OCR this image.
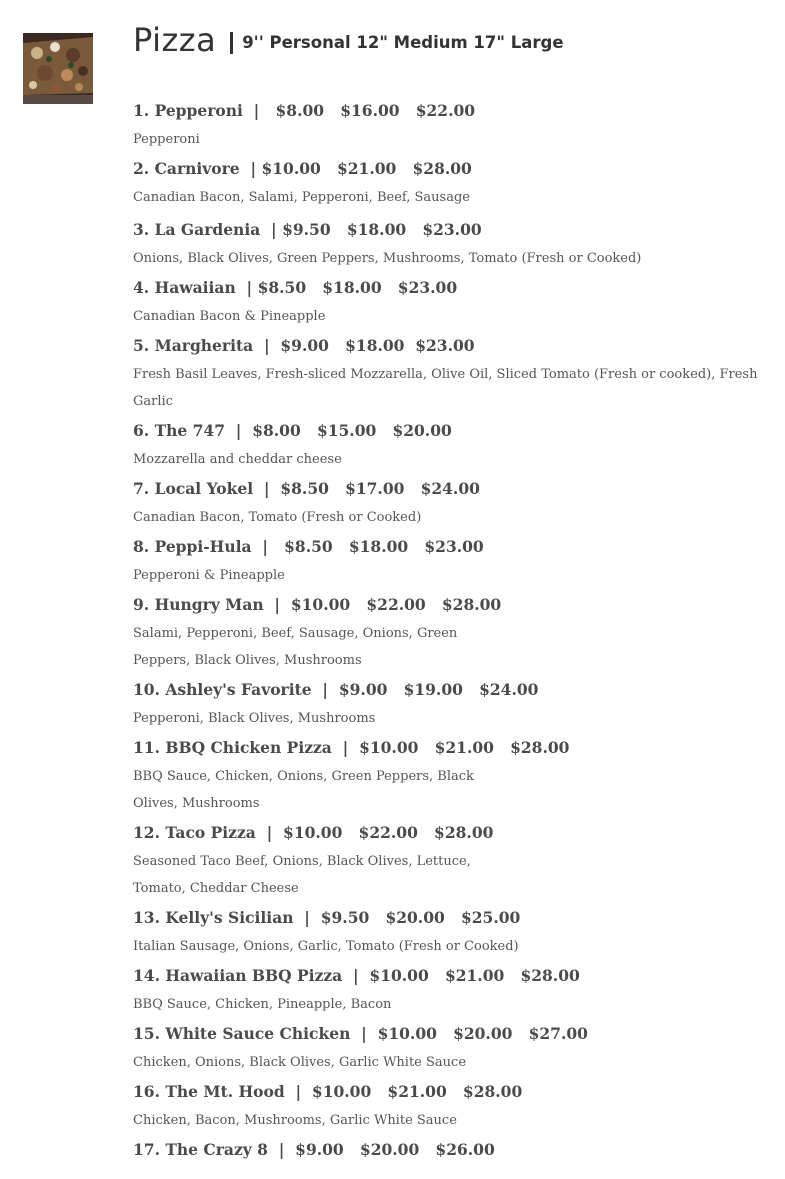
Pizza	9'' Personal 12" Medium 17" Large
1. Pepperoni  |   $8.00   $16.00   $22.00
Pepperoni
2. Carnivore  | $10.00   $21.00   $28.00
Canadian Bacon, Salami, Pepperoni, Beef, Sausage
3. La Gardenia  | $9.50   $18.00   $23.00
Onions, Black Olives, Green Peppers, Mushrooms, Tomato (Fresh or Cooked)
4. Hawaiian  | $8.50   $18.00   $23.00
Canadian Bacon & Pineapple
5. Margherita  |  $9.00   $18.00  $23.00
Fresh Basil Leaves, Fresh-sliced Mozzarella, Olive Oil, Sliced Tomato (Fresh or cooked), Fresh Garlic
6. The 747  |  $8.00   $15.00   $20.00
Mozzarella and cheddar cheese
7. Local Yokel  |  $8.50   $17.00   $24.00
Canadian Bacon, Tomato (Fresh or Cooked)
8. Peppi-Hula  |   $8.50   $18.00   $23.00
Pepperoni & Pineapple
9. Hungry Man  |  $10.00   $22.00   $28.00
Salami, Pepperoni, Beef, Sausage, Onions, Green Peppers, Black Olives, Mushrooms
10. Ashley's Favorite  |  $9.00   $19.00   $24.00
Pepperoni, Black Olives, Mushrooms
11. BBQ Chicken Pizza  |  $10.00   $21.00   $28.00
BBQ Sauce, Chicken, Onions, Green Peppers, Black Olives, Mushrooms
12. Taco Pizza  |  $10.00   $22.00   $28.00
Seasoned Taco Beef, Onions, Black Olives, Lettuce, Tomato, Cheddar Cheese
13. Kelly's Sicilian  |  $9.50   $20.00   $25.00
Italian Sausage, Onions, Garlic, Tomato (Fresh or Cooked)
14. Hawaiian BBQ Pizza  |  $10.00   $21.00   $28.00
BBQ Sauce, Chicken, Pineapple, Bacon
15. White Sauce Chicken  |  $10.00   $20.00   $27.00
Chicken, Onions, Black Olives, Garlic White Sauce
16. The Mt. Hood  |  $10.00   $21.00   $28.00
Chicken, Bacon, Mushrooms, Garlic White Sauce
17. The Crazy 8  |  $9.00   $20.00   $26.00
